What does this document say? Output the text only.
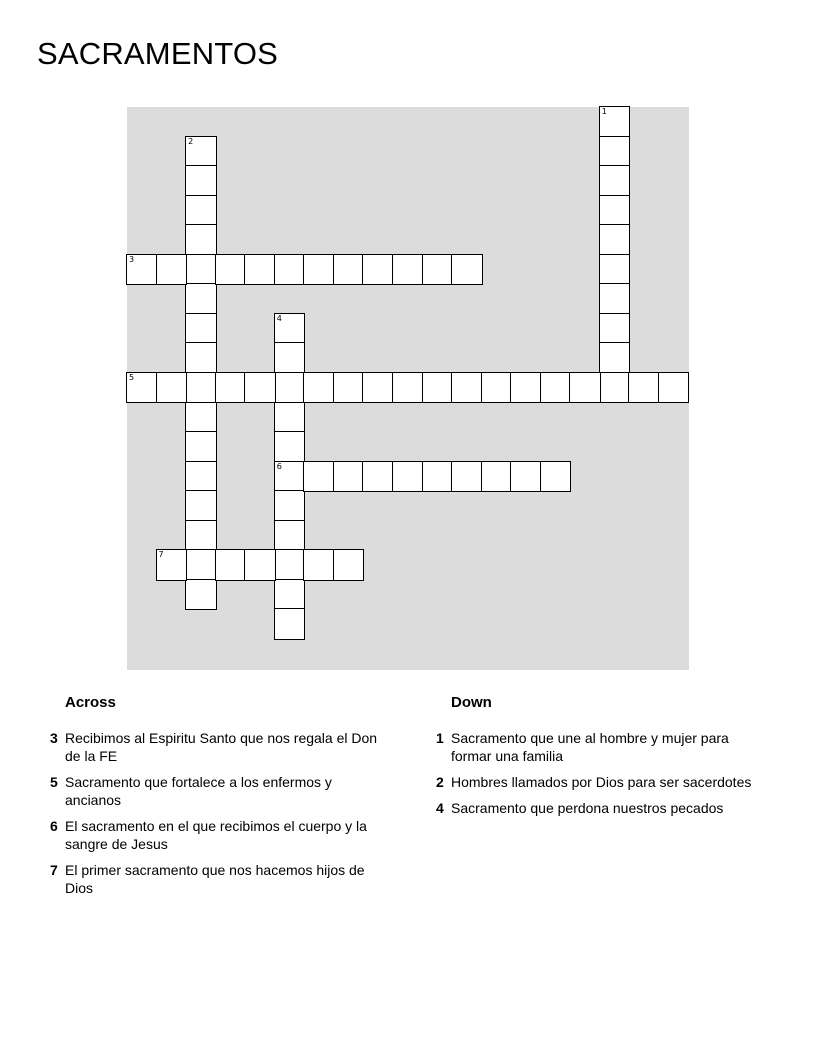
SACRAMENTOS
1
2
3
4
6
5
7
Across
3 Recibimos al Espiritu Santo que nos regala el Don de la FE
5 Sacramento que fortalece a los enfermos y ancianos
6 El sacramento en el que recibimos el cuerpo y la sangre de Jesus
7 El primer sacramento que nos hacemos hijos de Dios
Down
1 Sacramento que une al hombre y mujer para formar una familia
2 Hombres llamados por Dios para ser sacerdotes
4 Sacramento que perdona nuestros pecados
